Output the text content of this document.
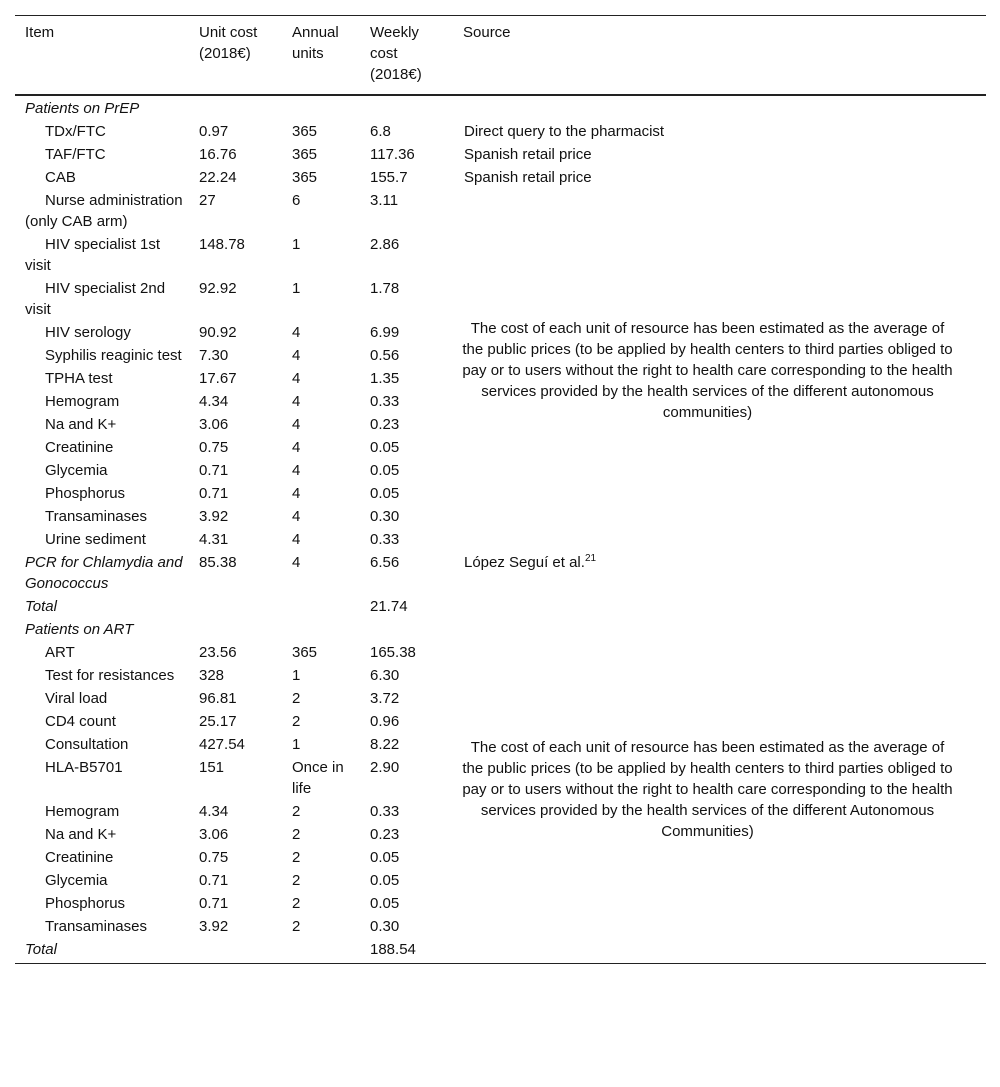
Item	Unit cost (2018€)	Annual units	Weekly cost (2018€)	Source
Patients on PrEP				
TDx/FTC	0.97	365	6.8	Direct query to the pharmacist
TAF/FTC	16.76	365	117.36	Spanish retail price
CAB	22.24	365	155.7	Spanish retail price
Nurse administration (only CAB arm)	27	6	3.11	The cost of each unit of resource has been estimated as the average of the public prices (to be applied by health centers to third parties obliged to pay or to users without the right to health care corresponding to the health services provided by the health services of the different autonomous communities)
HIV specialist 1st visit	148.78	1	2.86	
HIV specialist 2nd visit	92.92	1	1.78	
HIV serology	90.92	4	6.99	
Syphilis reaginic test	7.30	4	0.56	
TPHA test	17.67	4	1.35	
Hemogram	4.34	4	0.33	
Na and K+	3.06	4	0.23	
Creatinine	0.75	4	0.05	
Glycemia	0.71	4	0.05	
Phosphorus	0.71	4	0.05	
Transaminases	3.92	4	0.30	
Urine sediment	4.31	4	0.33	
PCR for Chlamydia and Gonococcus	85.38	4	6.56	López Seguí et al.$^{21}$
Total			21.74	
Patients on ART				
ART	23.56	365	165.38	The cost of each unit of resource has been estimated as the average of the public prices (to be applied by health centers to third parties obliged to pay or to users without the right to health care corresponding to the health services provided by the health services of the different Autonomous Communities)
Test for resistances	328	1	6.30	
Viral load	96.81	2	3.72	
CD4 count	25.17	2	0.96	
Consultation	427.54	1	8.22	
HLA-B5701	151	Once in life	2.90	
Hemogram	4.34	2	0.33	
Na and K+	3.06	2	0.23	
Creatinine	0.75	2	0.05	
Glycemia	0.71	2	0.05	
Phosphorus	0.71	2	0.05	
Transaminases	3.92	2	0.30	
Total			188.54	
